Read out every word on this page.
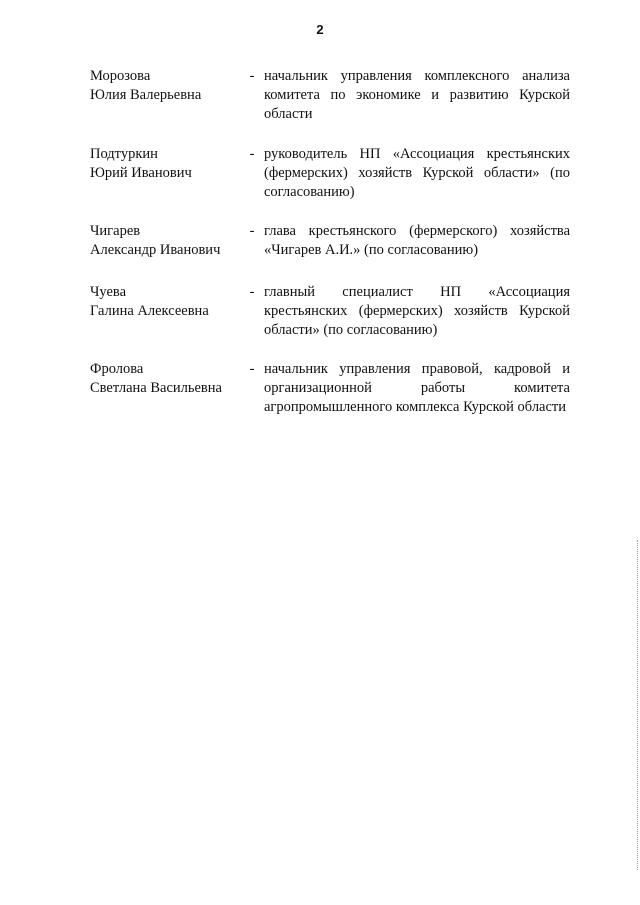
2
Морозова
Юлия Валерьевна
- начальник управления комплексного анализа комитета по экономике и развитию Курской области
Подтуркин
Юрий Иванович
- руководитель НП «Ассоциация крестьянских (фермерских) хозяйств Курской области» (по согласованию)
Чигарев
Александр Иванович
- глава крестьянского (фермерского) хозяйства «Чигарев А.И.» (по согласованию)
Чуева
Галина Алексеевна
- главный специалист НП «Ассоциация крестьянских (фермерских) хозяйств Курской области» (по согласованию)
Фролова
Светлана Васильевна
- начальник управления правовой, кадровой и организационной работы комитета агропромышленного комплекса Курской области
